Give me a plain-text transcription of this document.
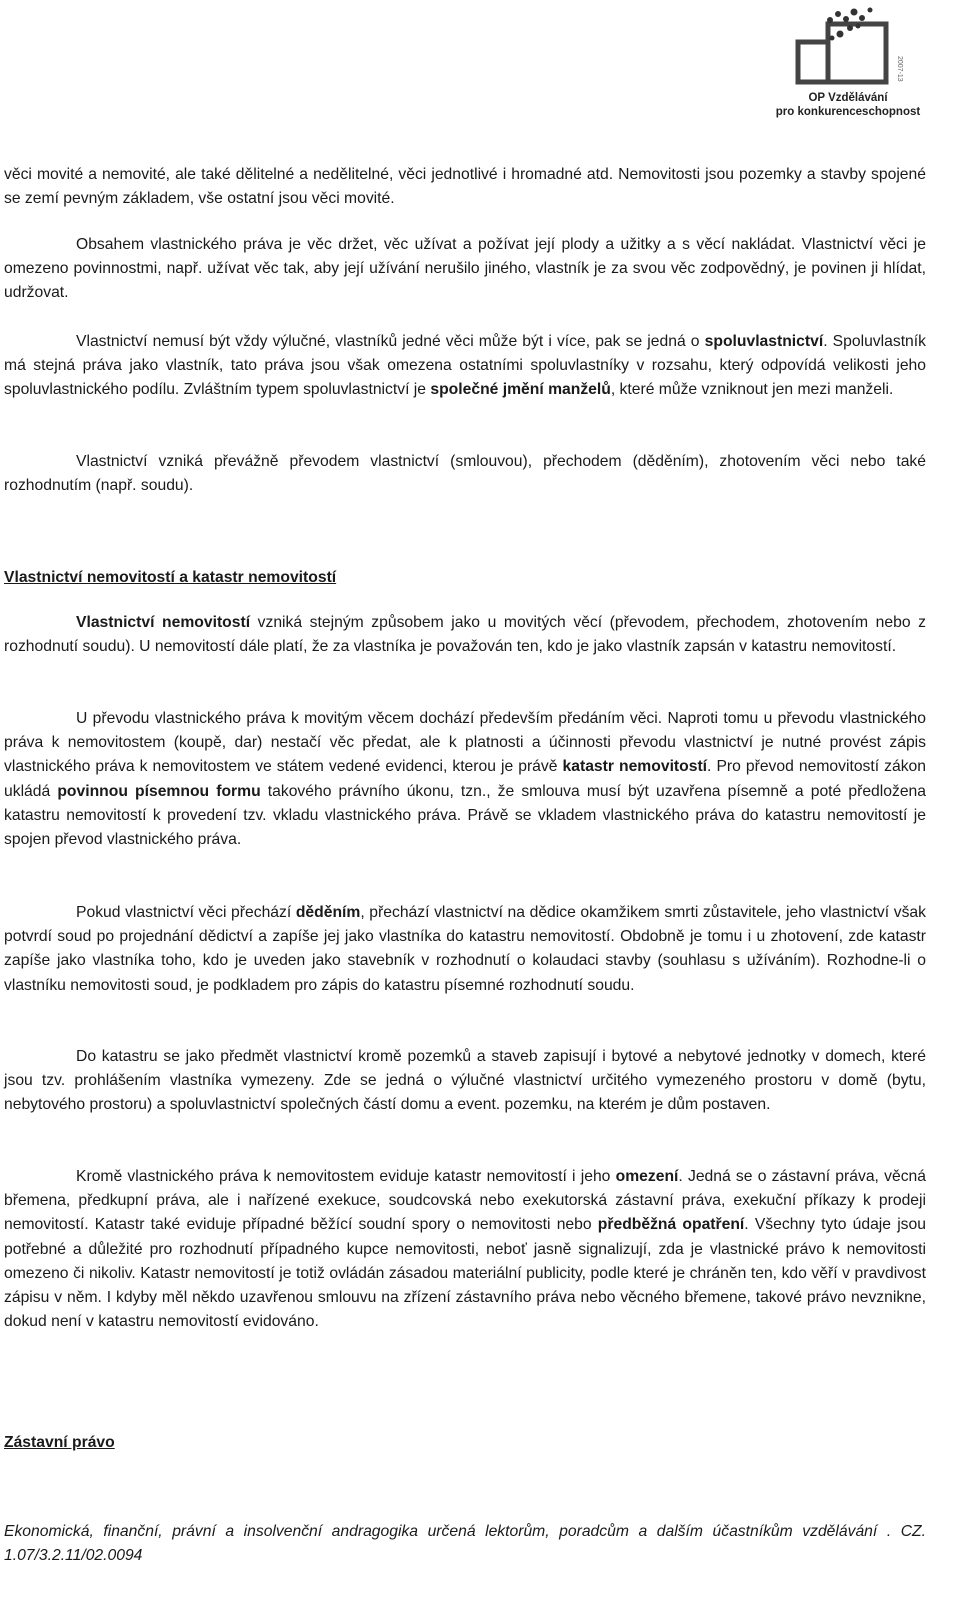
2007-13
OP Vzdělávání
pro konkurenceschopnost

věci movité a nemovité, ale také dělitelné a nedělitelné, věci jednotlivé i hromadné atd. Nemovitosti jsou pozemky a stavby spojené se zemí pevným základem, vše ostatní jsou věci movité.

Obsahem vlastnického práva je věc držet, věc užívat a požívat její plody a užitky a s věcí nakládat. Vlastnictví věci je omezeno povinnostmi, např. užívat věc tak, aby její užívání nerušilo jiného, vlastník je za svou věc zodpovědný, je povinen ji hlídat, udržovat.

Vlastnictví nemusí být vždy výlučné, vlastníků jedné věci může být i více, pak se jedná o spoluvlastnictví. Spoluvlastník má stejná práva jako vlastník, tato práva jsou však omezena ostatními spoluvlastníky v rozsahu, který odpovídá velikosti jeho spoluvlastnického podílu. Zvláštním typem spoluvlastnictví je společné jmění manželů, které může vzniknout jen mezi manželi.

Vlastnictví vzniká převážně převodem vlastnictví (smlouvou), přechodem (děděním), zhotovením věci nebo také rozhodnutím (např. soudu).

Vlastnictví nemovitostí a katastr nemovitostí

Vlastnictví nemovitostí vzniká stejným způsobem jako u movitých věcí (převodem, přechodem, zhotovením nebo z rozhodnutí soudu). U nemovitostí dále platí, že za vlastníka je považován ten, kdo je jako vlastník zapsán v katastru nemovitostí.

U převodu vlastnického práva k movitým věcem dochází především předáním věci. Naproti tomu u převodu vlastnického práva k nemovitostem (koupě, dar) nestačí věc předat, ale k platnosti a účinnosti převodu vlastnictví je nutné provést zápis vlastnického práva k nemovitostem ve státem vedené evidenci, kterou je právě katastr nemovitostí. Pro převod nemovitostí zákon ukládá povinnou písemnou formu takového právního úkonu, tzn., že smlouva musí být uzavřena písemně a poté předložena katastru nemovitostí k provedení tzv. vkladu vlastnického práva. Právě se vkladem vlastnického práva do katastru nemovitostí je spojen převod vlastnického práva.

Pokud vlastnictví věci přechází děděním, přechází vlastnictví na dědice okamžikem smrti zůstavitele, jeho vlastnictví však potvrdí soud po projednání dědictví a zapíše jej jako vlastníka do katastru nemovitostí. Obdobně je tomu i u zhotovení, zde katastr zapíše jako vlastníka toho, kdo je uveden jako stavebník v rozhodnutí o kolaudaci stavby (souhlasu s užíváním). Rozhodne-li o vlastníku nemovitosti soud, je podkladem pro zápis do katastru písemné rozhodnutí soudu.

Do katastru se jako předmět vlastnictví kromě pozemků a staveb zapisují i bytové a nebytové jednotky v domech, které jsou tzv. prohlášením vlastníka vymezeny. Zde se jedná o výlučné vlastnictví určitého vymezeného prostoru v domě (bytu, nebytového prostoru) a spoluvlastnictví společných částí domu a event. pozemku, na kterém je dům postaven.

Kromě vlastnického práva k nemovitostem eviduje katastr nemovitostí i jeho omezení. Jedná se o zástavní práva, věcná břemena, předkupní práva, ale i nařízené exekuce, soudcovská nebo exekutorská zástavní práva, exekuční příkazy k prodeji nemovitostí. Katastr také eviduje případné běžící soudní spory o nemovitosti nebo předběžná opatření. Všechny tyto údaje jsou potřebné a důležité pro rozhodnutí případného kupce nemovitosti, neboť jasně signalizují, zda je vlastnické právo k nemovitosti omezeno či nikoliv. Katastr nemovitostí je totiž ovládán zásadou materiální publicity, podle které je chráněn ten, kdo věří v pravdivost zápisu v něm. I kdyby měl někdo uzavřenou smlouvu na zřízení zástavního práva nebo věcného břemene, takové právo nevznikne, dokud není v katastru nemovitostí evidováno.

Zástavní právo
Ekonomická, finanční, právní a insolvenční andragogika určená lektorům, poradcům a dalším účastníkům vzdělávání . CZ. 1.07/3.2.11/02.0094
